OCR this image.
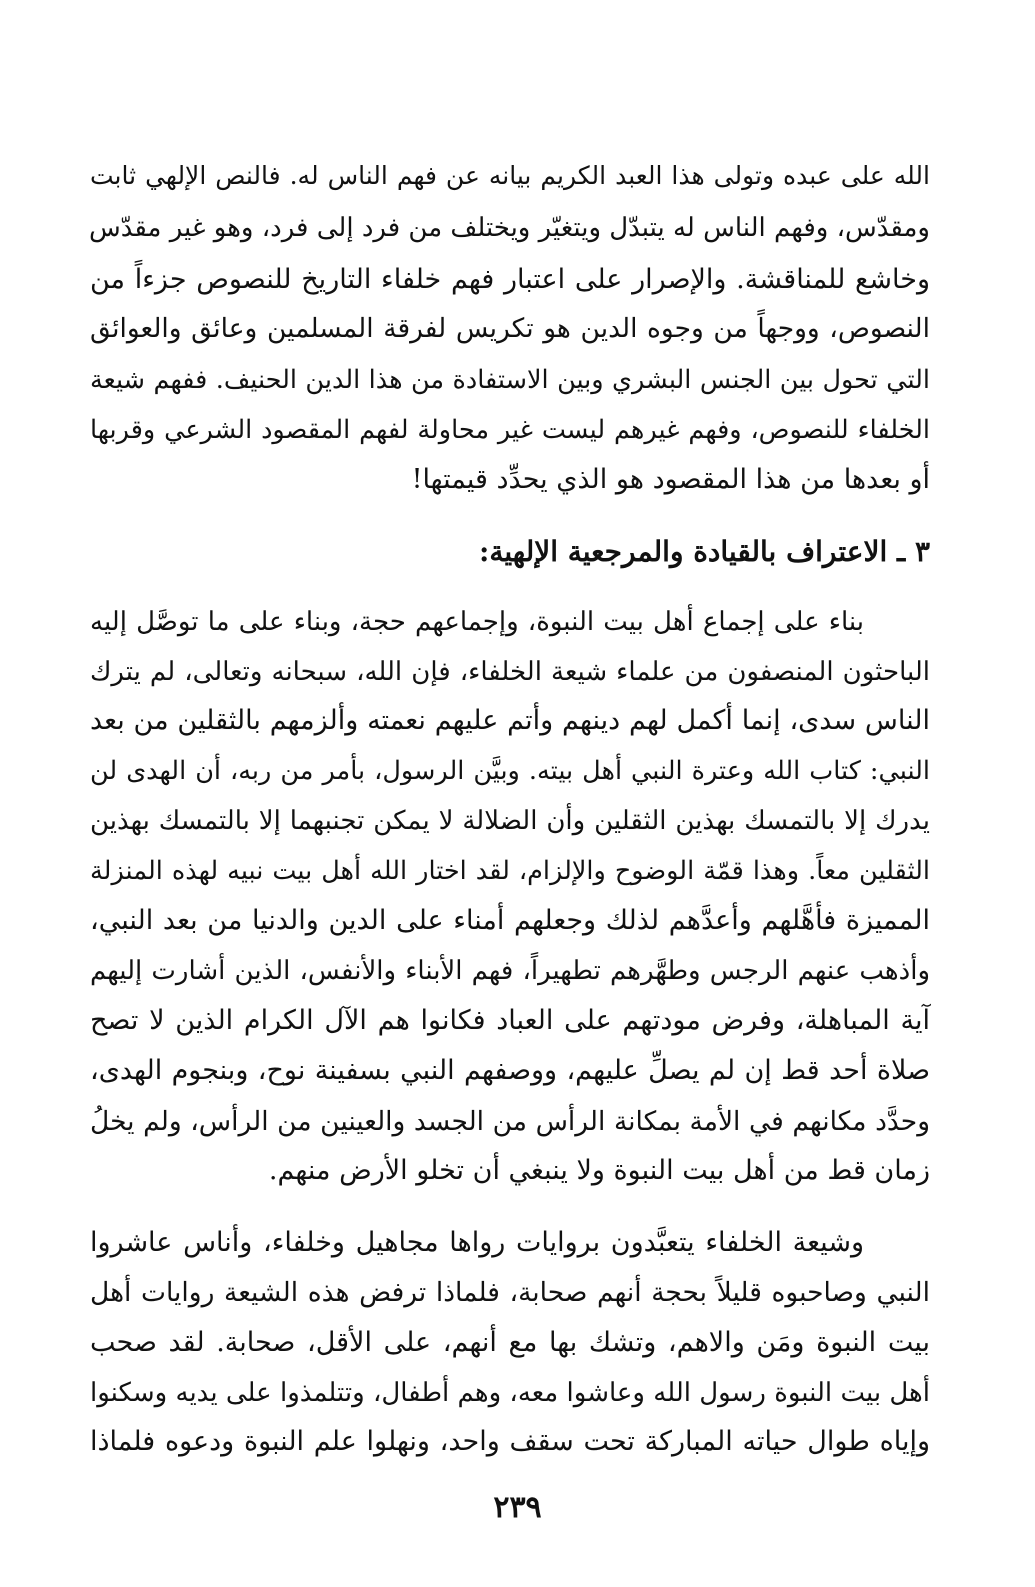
الله على عبده وتولى هذا العبد الكريم بيانه عن فهم الناس له. فالنص الإلهي ثابت
ومقدّس، وفهم الناس له يتبدّل ويتغيّر ويختلف من فرد إلى فرد، وهو غير مقدّس
وخاشع للمناقشة. والإصرار على اعتبار فهم خلفاء التاريخ للنصوص جزءاً من
النصوص، ووجهاً من وجوه الدين هو تكريس لفرقة المسلمين وعائق والعوائق
التي تحول بين الجنس البشري وبين الاستفادة من هذا الدين الحنيف. ففهم شيعة
الخلفاء للنصوص، وفهم غيرهم ليست غير محاولة لفهم المقصود الشرعي وقربها
أو بعدها من هذا المقصود هو الذي يحدِّد قيمتها!
٣ ـ الاعتراف بالقيادة والمرجعية الإلهية:
بناء على إجماع أهل بيت النبوة، وإجماعهم حجة، وبناء على ما توصَّل إليه
الباحثون المنصفون من علماء شيعة الخلفاء، فإن الله، سبحانه وتعالى، لم يترك
الناس سدى، إنما أكمل لهم دينهم وأتم عليهم نعمته وألزمهم بالثقلين من بعد
النبي: كتاب الله وعترة النبي أهل بيته. وبيَّن الرسول، بأمر من ربه، أن الهدى لن
يدرك إلا بالتمسك بهذين الثقلين وأن الضلالة لا يمكن تجنبهما إلا بالتمسك بهذين
الثقلين معاً. وهذا قمّة الوضوح والإلزام، لقد اختار الله أهل بيت نبيه لهذه المنزلة
المميزة فأهَّلهم وأعدَّهم لذلك وجعلهم أمناء على الدين والدنيا من بعد النبي،
وأذهب عنهم الرجس وطهَّرهم تطهيراً، فهم الأبناء والأنفس، الذين أشارت إليهم
آية المباهلة، وفرض مودتهم على العباد فكانوا هم الآل الكرام الذين لا تصح
صلاة أحد قط إن لم يصلِّ عليهم، ووصفهم النبي بسفينة نوح، وبنجوم الهدى،
وحدَّد مكانهم في الأمة بمكانة الرأس من الجسد والعينين من الرأس، ولم يخلُ
زمان قط من أهل بيت النبوة ولا ينبغي أن تخلو الأرض منهم.
وشيعة الخلفاء يتعبَّدون بروايات رواها مجاهيل وخلفاء، وأناس عاشروا
النبي وصاحبوه قليلاً بحجة أنهم صحابة، فلماذا ترفض هذه الشيعة روايات أهل
بيت النبوة ومَن والاهم، وتشك بها مع أنهم، على الأقل، صحابة. لقد صحب
أهل بيت النبوة رسول الله وعاشوا معه، وهم أطفال، وتتلمذوا على يديه وسكنوا
وإياه طوال حياته المباركة تحت سقف واحد، ونهلوا علم النبوة ودعوه فلماذا
٢٣٩
